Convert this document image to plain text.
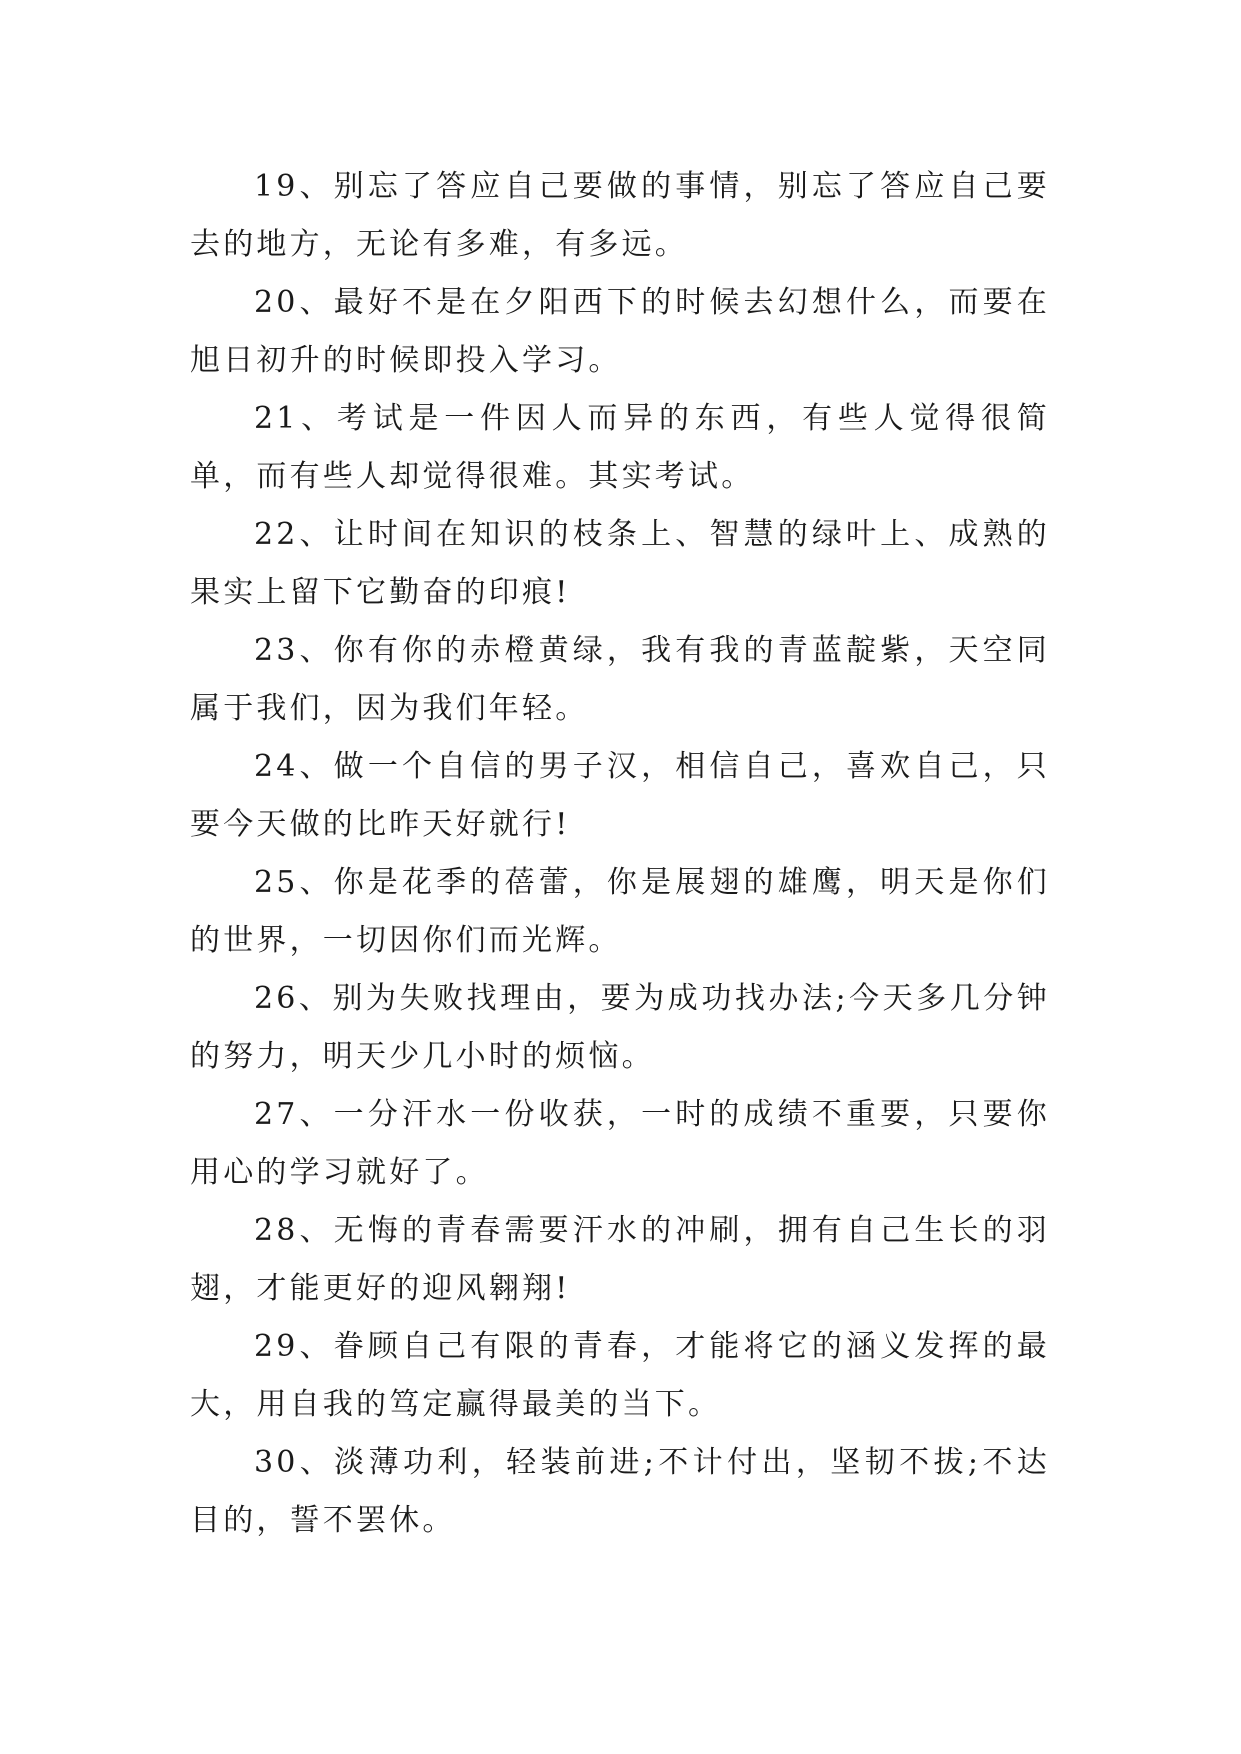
19、别忘了答应自己要做的事情，别忘了答应自己要去的地方，无论有多难，有多远。

20、最好不是在夕阳西下的时候去幻想什么，而要在旭日初升的时候即投入学习。

21、考试是一件因人而异的东西，有些人觉得很简单，而有些人却觉得很难。其实考试。

22、让时间在知识的枝条上、智慧的绿叶上、成熟的果实上留下它勤奋的印痕!

23、你有你的赤橙黄绿，我有我的青蓝靛紫，天空同属于我们，因为我们年轻。

24、做一个自信的男子汉，相信自己，喜欢自己，只要今天做的比昨天好就行!

25、你是花季的蓓蕾，你是展翅的雄鹰，明天是你们的世界，一切因你们而光辉。

26、别为失败找理由，要为成功找办法;今天多几分钟的努力，明天少几小时的烦恼。

27、一分汗水一份收获，一时的成绩不重要，只要你用心的学习就好了。

28、无悔的青春需要汗水的冲刷，拥有自己生长的羽翅，才能更好的迎风翱翔!

29、眷顾自己有限的青春，才能将它的涵义发挥的最大，用自我的笃定赢得最美的当下。

30、淡薄功利，轻装前进;不计付出，坚韧不拔;不达目的，誓不罢休。
